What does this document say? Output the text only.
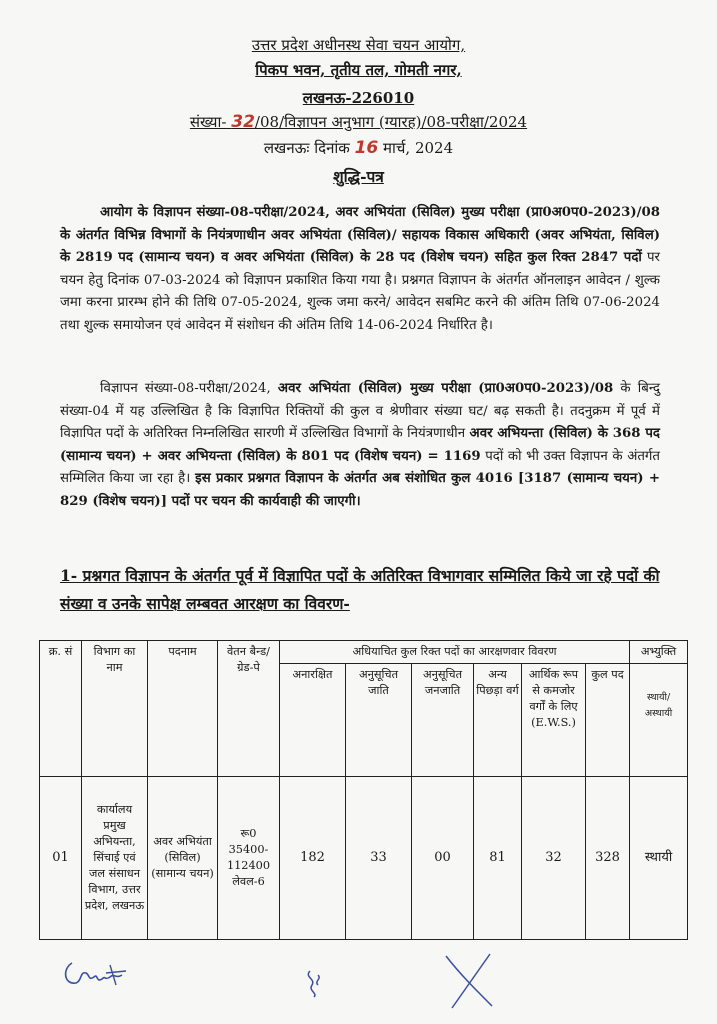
उत्तर प्रदेश अधीनस्थ सेवा चयन आयोग,
पिकप भवन, तृतीय तल, गोमती नगर,
लखनऊ-226010
संख्या- 32/08/विज्ञापन अनुभाग (ग्यारह)/08-परीक्षा/2024
लखनऊः दिनांक 16 मार्च, 2024
शुद्धि-पत्र
आयोग के विज्ञापन संख्या-08-परीक्षा/2024, अवर अभियंता (सिविल) मुख्य परीक्षा (प्रा0अ0प0-2023)/08 के अंतर्गत विभिन्न विभागों के नियंत्रणाधीन अवर अभियंता (सिविल)/ सहायक विकास अधिकारी (अवर अभियंता, सिविल) के 2819 पद (सामान्य चयन) व अवर अभियंता (सिविल) के 28 पद (विशेष चयन) सहित कुल रिक्त 2847 पदों पर चयन हेतु दिनांक 07-03-2024 को विज्ञापन प्रकाशित किया गया है। प्रश्नगत विज्ञापन के अंतर्गत ऑनलाइन आवेदन / शुल्क जमा करना प्रारम्भ होने की तिथि 07-05-2024, शुल्क जमा करने/ आवेदन सबमिट करने की अंतिम तिथि 07-06-2024 तथा शुल्क समायोजन एवं आवेदन में संशोधन की अंतिम तिथि 14-06-2024 निर्धारित है।
विज्ञापन संख्या-08-परीक्षा/2024, अवर अभियंता (सिविल) मुख्य परीक्षा (प्रा0अ0प0-2023)/08 के बिन्दु संख्या-04 में यह उल्लिखित है कि विज्ञापित रिक्तियों की कुल व श्रेणीवार संख्या घट/ बढ़ सकती है। तदनुक्रम में पूर्व में विज्ञापित पदों के अतिरिक्त निम्नलिखित सारणी में उल्लिखित विभागों के नियंत्रणाधीन अवर अभियन्ता (सिविल) के 368 पद (सामान्य चयन) + अवर अभियन्ता (सिविल) के 801 पद (विशेष चयन) = 1169 पदों को भी उक्त विज्ञापन के अंतर्गत सम्मिलित किया जा रहा है। इस प्रकार प्रश्नगत विज्ञापन के अंतर्गत अब संशोधित कुल 4016 [3187 (सामान्य चयन) + 829 (विशेष चयन)] पदों पर चयन की कार्यवाही की जाएगी।
1- प्रश्नगत विज्ञापन के अंतर्गत पूर्व में विज्ञापित पदों के अतिरिक्त विभागवार सम्मिलित किये जा रहे पदों की संख्या व उनके सापेक्ष लम्बवत आरक्षण का विवरण-
क्र. सं	विभाग का नाम	पदनाम	वेतन बैन्ड/ ग्रेड-पे	अधियाचित कुल रिक्त पदों का आरक्षणवार विवरण						अभ्युक्ति
				अनारक्षित	अनुसूचित जाति	अनुसूचित जनजाति	अन्य पिछड़ा वर्ग	आर्थिक रूप से कमजोर वर्गों के लिए (E.W.S.)	कुल पद	स्थायी/ अस्थायी
01	कार्यालय प्रमुख अभियन्ता, सिंचाई एवं जल संसाधन विभाग, उत्तर प्रदेश, लखनऊ	अवर अभियंता (सिविल) (सामान्य चयन)	रू0 35400-112400 लेवल-6	182	33	00	81	32	328	स्थायी
